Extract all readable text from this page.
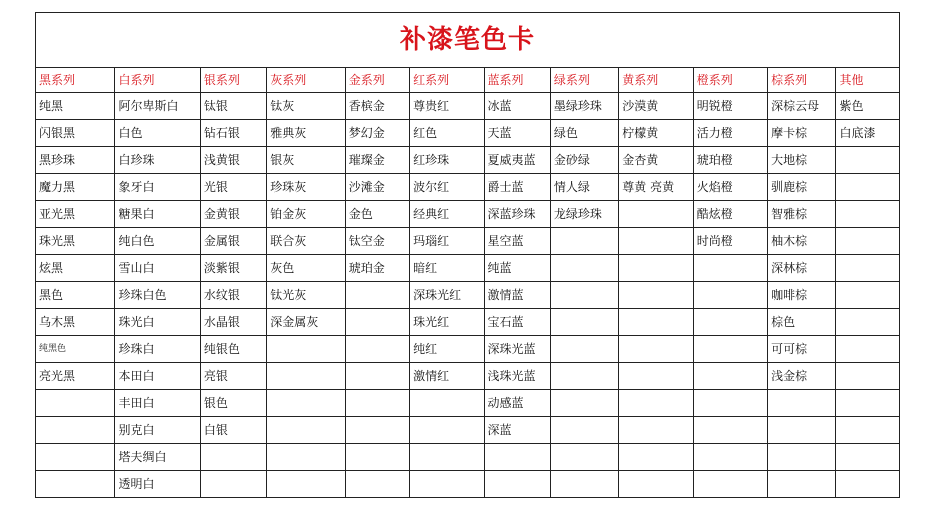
补漆笔色卡											
黑系列	白系列	银系列	灰系列	金系列	红系列	蓝系列	绿系列	黄系列	橙系列	棕系列	其他
纯黑	阿尔卑斯白	钛银	钛灰	香槟金	尊贵红	冰蓝	墨绿珍珠	沙漠黄	明锐橙	深棕云母	紫色
闪银黑	白色	钻石银	雅典灰	梦幻金	红色	天蓝	绿色	柠檬黄	活力橙	摩卡棕	白底漆
黑珍珠	白珍珠	浅黄银	银灰	璀璨金	红珍珠	夏威夷蓝	金砂绿	金杏黄	琥珀橙	大地棕	
魔力黑	象牙白	光银	珍珠灰	沙滩金	波尔红	爵士蓝	情人绿	尊黄 亮黄	火焰橙	驯鹿棕	
亚光黑	糖果白	金黄银	铂金灰	金色	经典红	深蓝珍珠	龙绿珍珠		酷炫橙	智雅棕	
珠光黑	纯白色	金属银	联合灰	钛空金	玛瑙红	星空蓝			时尚橙	柚木棕	
炫黑	雪山白	淡紫银	灰色	琥珀金	暗红	纯蓝				深林棕	
黑色	珍珠白色	水纹银	钛光灰		深珠光红	激情蓝				咖啡棕	
乌木黑	珠光白	水晶银	深金属灰		珠光红	宝石蓝				棕色	
纯黑色	珍珠白	纯银色			纯红	深珠光蓝				可可棕	
亮光黑	本田白	亮银			激情红	浅珠光蓝				浅金棕	
	丰田白	银色				动感蓝					
	别克白	白银				深蓝					
	塔夫绸白										
	透明白										
